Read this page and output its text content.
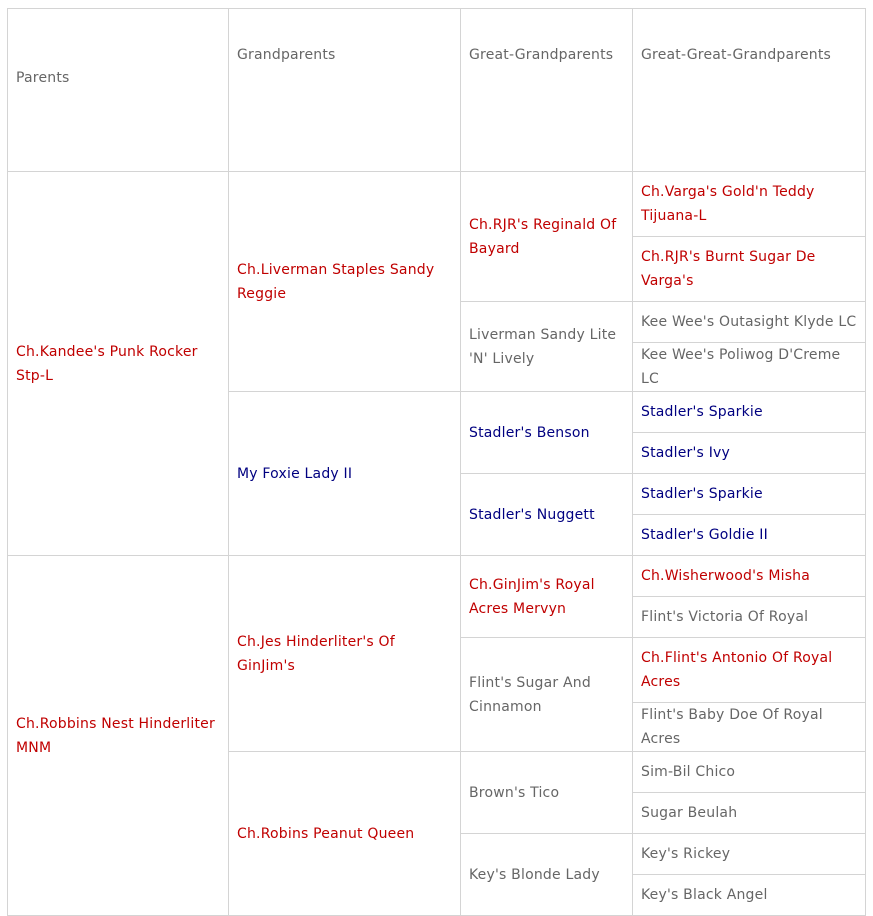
Parents	Grandparents	Great-Grandparents	Great-Great-Grandparents
Ch.Kandee's Punk Rocker Stp-L	Ch.Liverman Staples Sandy Reggie	Ch.RJR's Reginald Of Bayard	Ch.Varga's Gold'n Teddy Tijuana-L
			Ch.RJR's Burnt Sugar De Varga's
		Liverman Sandy Lite 'N' Lively	Kee Wee's Outasight Klyde LC
			Kee Wee's Poliwog D'Creme LC
	My Foxie Lady II	Stadler's Benson	Stadler's Sparkie
			Stadler's Ivy
		Stadler's Nuggett	Stadler's Sparkie
			Stadler's Goldie II
Ch.Robbins Nest Hinderliter MNM	Ch.Jes Hinderliter's Of GinJim's	Ch.GinJim's Royal Acres Mervyn	Ch.Wisherwood's Misha
			Flint's Victoria Of Royal
		Flint's Sugar And Cinnamon	Ch.Flint's Antonio Of Royal Acres
			Flint's Baby Doe Of Royal Acres
	Ch.Robins Peanut Queen	Brown's Tico	Sim-Bil Chico
			Sugar Beulah
		Key's Blonde Lady	Key's Rickey
			Key's Black Angel
